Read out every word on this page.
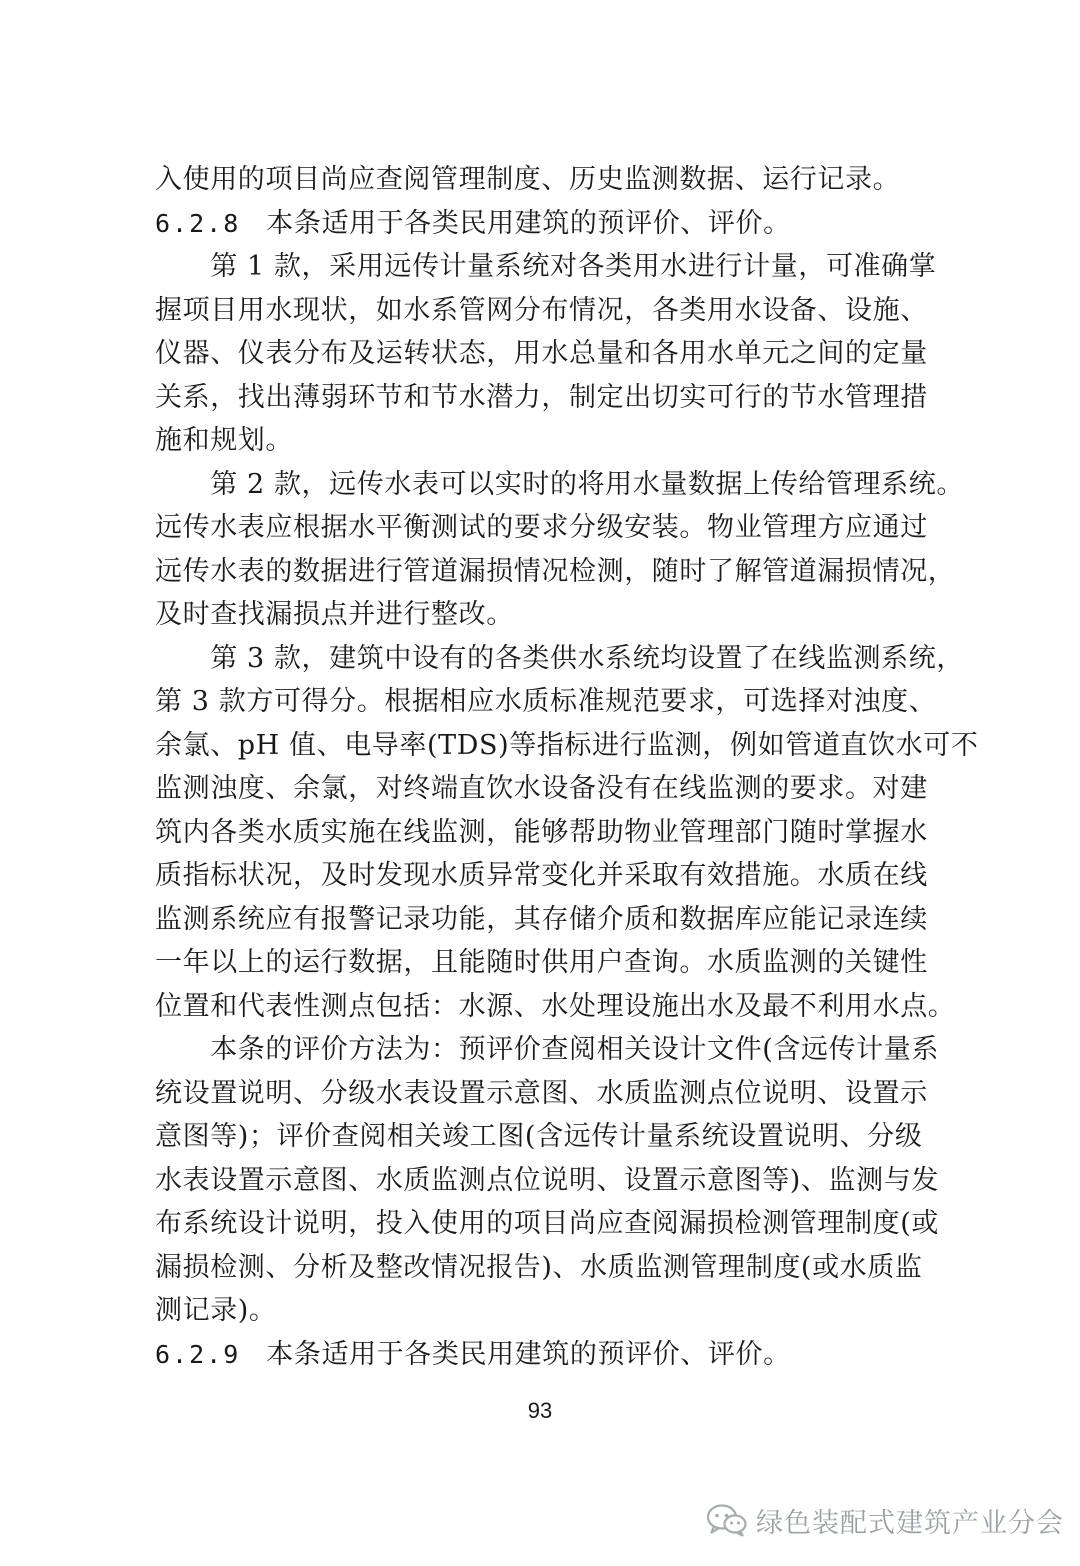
入使用的项目尚应查阅管理制度、历史监测数据、运行记录。
6.2.8 本条适用于各类民用建筑的预评价、评价。
　　第 1 款，采用远传计量系统对各类用水进行计量，可准确掌
握项目用水现状，如水系管网分布情况，各类用水设备、设施、
仪器、仪表分布及运转状态，用水总量和各用水单元之间的定量
关系，找出薄弱环节和节水潜力，制定出切实可行的节水管理措
施和规划。
　　第 2 款，远传水表可以实时的将用水量数据上传给管理系统。
远传水表应根据水平衡测试的要求分级安装。物业管理方应通过
远传水表的数据进行管道漏损情况检测，随时了解管道漏损情况，
及时查找漏损点并进行整改。
　　第 3 款，建筑中设有的各类供水系统均设置了在线监测系统，
第 3 款方可得分。根据相应水质标准规范要求，可选择对浊度、
余氯、pH 值、电导率(TDS)等指标进行监测，例如管道直饮水可不
监测浊度、余氯，对终端直饮水设备没有在线监测的要求。对建
筑内各类水质实施在线监测，能够帮助物业管理部门随时掌握水
质指标状况，及时发现水质异常变化并采取有效措施。水质在线
监测系统应有报警记录功能，其存储介质和数据库应能记录连续
一年以上的运行数据，且能随时供用户查询。水质监测的关键性
位置和代表性测点包括：水源、水处理设施出水及最不利用水点。
　　本条的评价方法为：预评价查阅相关设计文件(含远传计量系
统设置说明、分级水表设置示意图、水质监测点位说明、设置示
意图等)；评价查阅相关竣工图(含远传计量系统设置说明、分级
水表设置示意图、水质监测点位说明、设置示意图等)、监测与发
布系统设计说明，投入使用的项目尚应查阅漏损检测管理制度(或
漏损检测、分析及整改情况报告)、水质监测管理制度(或水质监
测记录)。
6.2.9 本条适用于各类民用建筑的预评价、评价。
93
绿色装配式建筑产业分会
